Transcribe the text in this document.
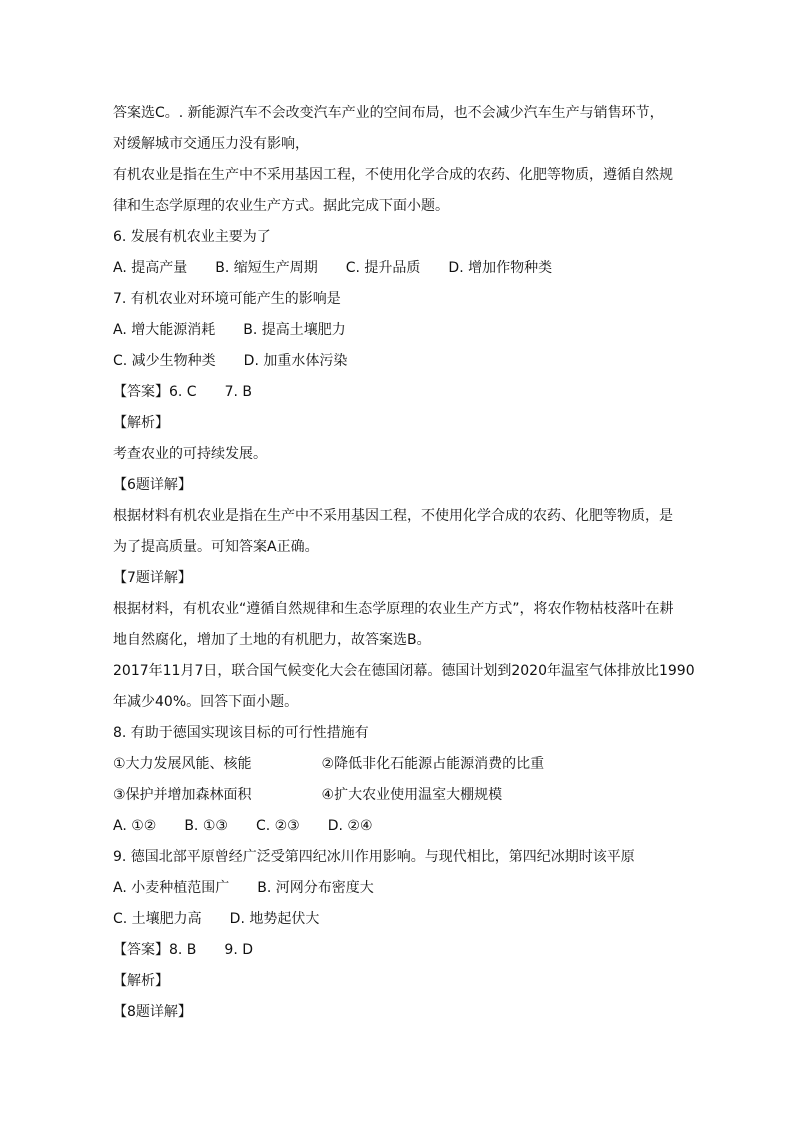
答案选C。. 新能源汽车不会改变汽车产业的空间布局，也不会减少汽车生产与销售环节，
对缓解城市交通压力没有影响，
有机农业是指在生产中不采用基因工程，不使用化学合成的农药、化肥等物质，遵循自然规
律和生态学原理的农业生产方式。据此完成下面小题。
6. 发展有机农业主要为了
A. 提高产量　　B. 缩短生产周期　　C. 提升品质　　D. 增加作物种类
7. 有机农业对环境可能产生的影响是
A. 增大能源消耗　　B. 提高土壤肥力
C. 减少生物种类　　D. 加重水体污染
【答案】6. C　　7. B
【解析】
考查农业的可持续发展。
【6题详解】
根据材料有机农业是指在生产中不采用基因工程，不使用化学合成的农药、化肥等物质，是
为了提高质量。可知答案A正确。
【7题详解】
根据材料，有机农业“遵循自然规律和生态学原理的农业生产方式”，将农作物枯枝落叶在耕
地自然腐化，增加了土地的有机肥力，故答案选B。
2017年11月7日，联合国气候变化大会在德国闭幕。德国计划到2020年温室气体排放比1990
年减少40%。回答下面小题。
8. 有助于德国实现该目标的可行性措施有
①大力发展风能、核能　　　　　②降低非化石能源占能源消费的比重
③保护并增加森林面积　　　　　④扩大农业使用温室大棚规模
A. ①②　　B. ①③　　C. ②③　　D. ②④
9. 德国北部平原曾经广泛受第四纪冰川作用影响。与现代相比，第四纪冰期时该平原
A. 小麦种植范围广　　B. 河网分布密度大
C. 土壤肥力高　　D. 地势起伏大
【答案】8. B　　9. D
【解析】
【8题详解】
